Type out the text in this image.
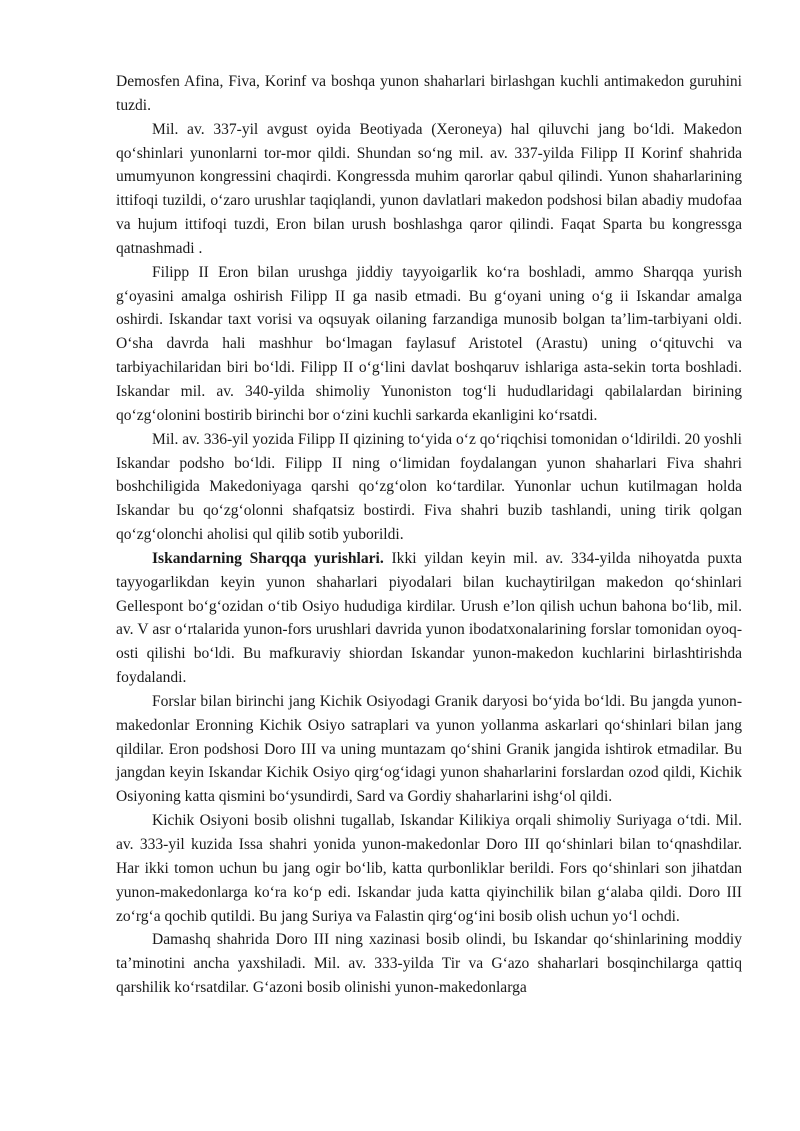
Demosfen Afina, Fiva, Korinf va boshqa yunon shaharlari birlashgan kuchli antimakedon guruhini tuzdi.

Mil. av. 337-yil avgust oyida Beotiyada (Xeroneya) hal qiluvchi jang bo‘ldi. Makedon qo‘shinlari yunonlarni tor-mor qildi. Shundan so‘ng mil. av. 337-yilda Filipp II Korinf shahrida umumyunon kongressini chaqirdi. Kongressda muhim qarorlar qabul qilindi. Yunon shaharlarining ittifoqi tuzildi, o‘zaro urushlar taqiqlandi, yunon davlatlari makedon podshosi bilan abadiy mudofaa va hujum ittifoqi tuzdi, Eron bilan urush boshlashga qaror qilindi. Faqat Sparta bu kongressga qatnashmadi .

Filipp II Eron bilan urushga jiddiy tayyoigarlik ko‘ra boshladi, ammo Sharqqa yurish g‘oyasini amalga oshirish Filipp II ga nasib etmadi. Bu g‘oyani uning o‘g ii Iskandar amalga oshirdi. Iskandar taxt vorisi va oqsuyak oilaning farzandiga munosib bolgan ta’lim-tarbiyani oldi. O‘sha davrda hali mashhur bo‘lmagan faylasuf Aristotel (Arastu) uning o‘qituvchi va tarbiyachilaridan biri bo‘ldi. Filipp II o‘g‘lini davlat boshqaruv ishlariga asta-sekin torta boshladi. Iskandar mil. av. 340-yilda shimoliy Yunoniston tog‘li hududlaridagi qabilalardan birining qo‘zg‘olonini bostirib birinchi bor o‘zini kuchli sarkarda ekanligini ko‘rsatdi.

Mil. av. 336-yil yozida Filipp II qizining to‘yida o‘z qo‘riqchisi tomonidan o‘ldirildi. 20 yoshli Iskandar podsho bo‘ldi. Filipp II ning o‘limidan foydalangan yunon shaharlari Fiva shahri boshchiligida Makedoniyaga qarshi qo‘zg‘olon ko‘tardilar. Yunonlar uchun kutilmagan holda Iskandar bu qo‘zg‘olonni shafqatsiz bostirdi. Fiva shahri buzib tashlandi, uning tirik qolgan qo‘zg‘olonchi aholisi qul qilib sotib yuborildi.

Iskandarning Sharqqa yurishlari. Ikki yildan keyin mil. av. 334-yilda nihoyatda puxta tayyogarlikdan keyin yunon shaharlari piyodalari bilan kuchaytirilgan makedon qo‘shinlari Gellespont bo‘g‘ozidan o‘tib Osiyo hududiga kirdilar. Urush e’lon qilish uchun bahona bo‘lib, mil. av. V asr o‘rtalarida yunon-fors urushlari davrida yunon ibodatxonalarining forslar tomonidan oyoq-osti qilishi bo‘ldi. Bu mafkuraviy shiordan Iskandar yunon-makedon kuchlarini birlashtirishda foydalandi.

Forslar bilan birinchi jang Kichik Osiyodagi Granik daryosi bo‘yida bo‘ldi. Bu jangda yunon-makedonlar Eronning Kichik Osiyo satraplari va yunon yollanma askarlari qo‘shinlari bilan jang qildilar. Eron podshosi Doro III va uning muntazam qo‘shini Granik jangida ishtirok etmadilar. Bu jangdan keyin Iskandar Kichik Osiyo qirg‘og‘idagi yunon shaharlarini forslardan ozod qildi, Kichik Osiyoning katta qismini bo‘ysundirdi, Sard va Gordiy shaharlarini ishg‘ol qildi.

Kichik Osiyoni bosib olishni tugallab, Iskandar Kilikiya orqali shimoliy Suriyaga o‘tdi. Mil. av. 333-yil kuzida Issa shahri yonida yunon-makedonlar Doro III qo‘shinlari bilan to‘qnashdilar. Har ikki tomon uchun bu jang ogir bo‘lib, katta qurbonliklar berildi. Fors qo‘shinlari son jihatdan yunon-makedonlarga ko‘ra ko‘p edi. Iskandar juda katta qiyinchilik bilan g‘alaba qildi. Doro III zo‘rg‘a qochib qutildi. Bu jang Suriya va Falastin qirg‘og‘ini bosib olish uchun yo‘l ochdi.

Damashq shahrida Doro III ning xazinasi bosib olindi, bu Iskandar qo‘shinlarining moddiy ta’minotini ancha yaxshiladi. Mil. av. 333-yilda Tir va G‘azo shaharlari bosqinchilarga qattiq qarshilik ko‘rsatdilar. G‘azoni bosib olinishi yunon-makedonlarga
